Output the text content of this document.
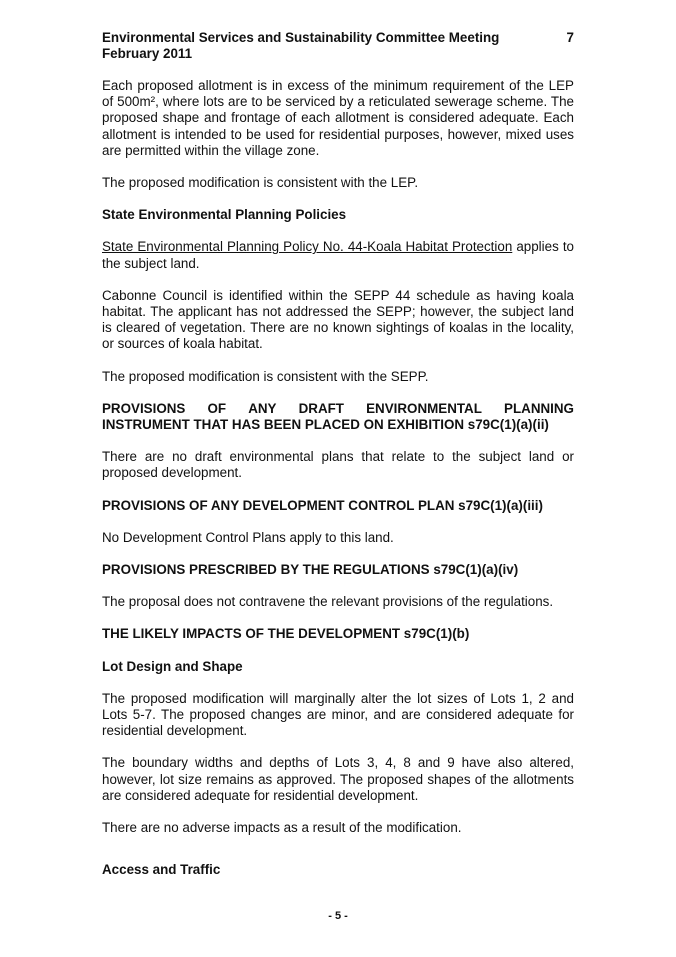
Environmental Services and Sustainability Committee Meeting	7
February 2011

Each proposed allotment is in excess of the minimum requirement of the LEP of 500m², where lots are to be serviced by a reticulated sewerage scheme. The proposed shape and frontage of each allotment is considered adequate. Each allotment is intended to be used for residential purposes, however, mixed uses are permitted within the village zone.

The proposed modification is consistent with the LEP.

State Environmental Planning Policies

State Environmental Planning Policy No. 44-Koala Habitat Protection applies to the subject land.

Cabonne Council is identified within the SEPP 44 schedule as having koala habitat. The applicant has not addressed the SEPP; however, the subject land is cleared of vegetation. There are no known sightings of koalas in the locality, or sources of koala habitat.

The proposed modification is consistent with the SEPP.

PROVISIONS OF ANY DRAFT ENVIRONMENTAL PLANNING
INSTRUMENT THAT HAS BEEN PLACED ON EXHIBITION s79C(1)(a)(ii)

There are no draft environmental plans that relate to the subject land or proposed development.

PROVISIONS OF ANY DEVELOPMENT CONTROL PLAN s79C(1)(a)(iii)

No Development Control Plans apply to this land.

PROVISIONS PRESCRIBED BY THE REGULATIONS s79C(1)(a)(iv)

The proposal does not contravene the relevant provisions of the regulations.

THE LIKELY IMPACTS OF THE DEVELOPMENT s79C(1)(b)
Lot Design and Shape

The proposed modification will marginally alter the lot sizes of Lots 1, 2 and Lots 5-7. The proposed changes are minor, and are considered adequate for residential development.

The boundary widths and depths of Lots 3, 4, 8 and 9 have also altered, however, lot size remains as approved. The proposed shapes of the allotments are considered adequate for residential development.

There are no adverse impacts as a result of the modification.

Access and Traffic
- 5 -
